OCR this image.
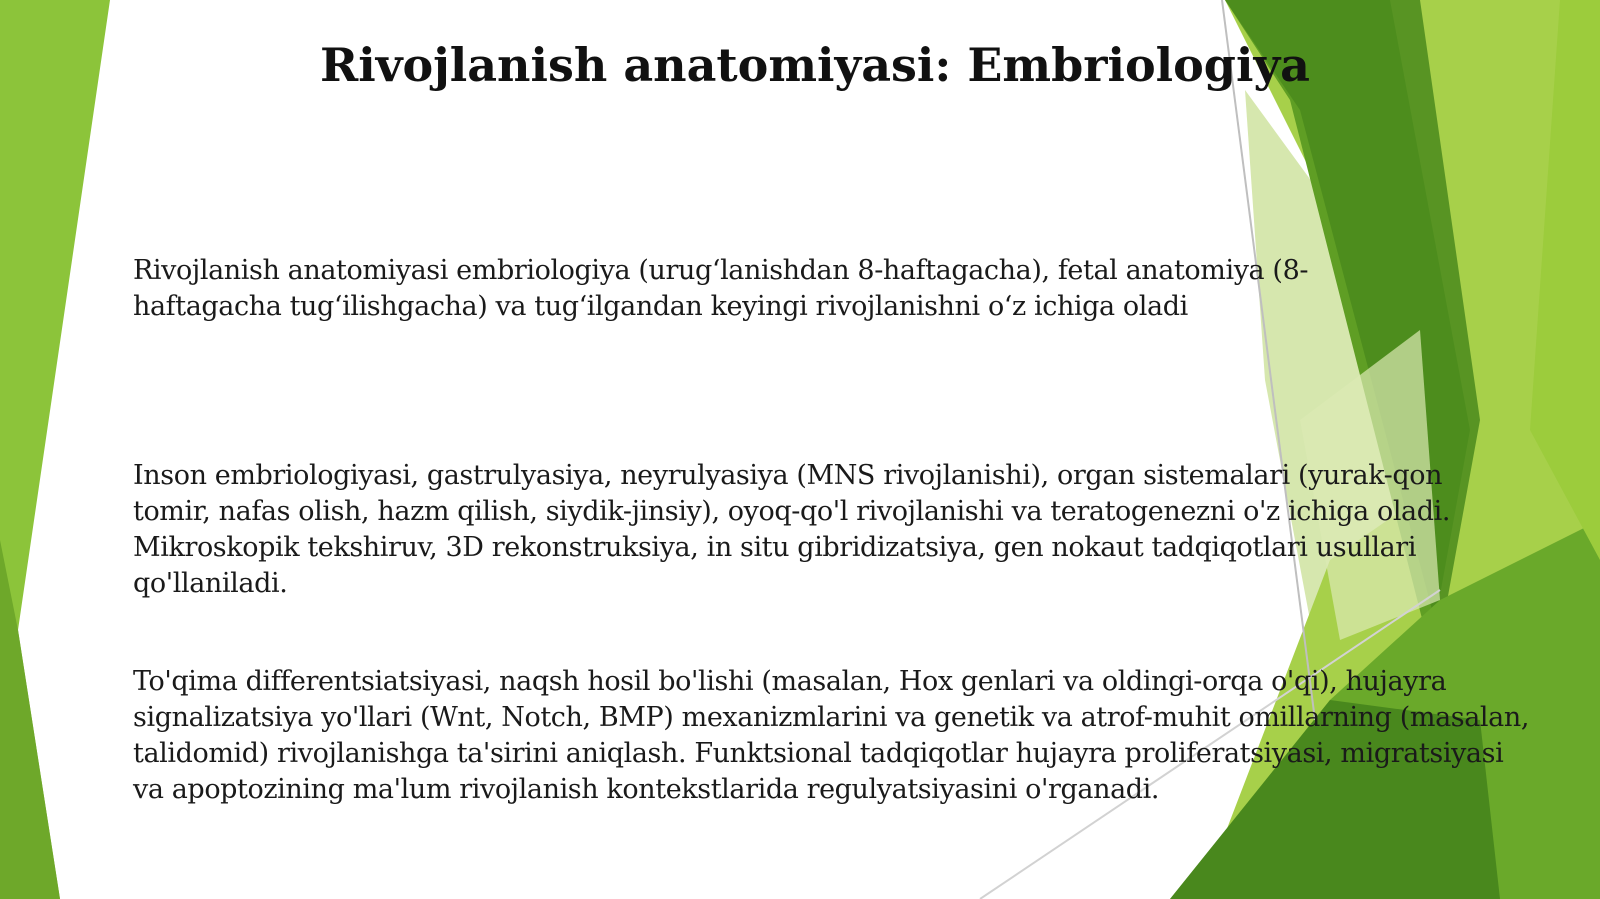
Rivojlanish anatomiyasi: Embriologiya

Rivojlanish anatomiyasi embriologiya (urug‘lanishdan 8-haftagacha), fetal anatomiya (8-haftagacha tug‘ilishgacha) va tug‘ilgandan keyingi rivojlanishni o‘z ichiga oladi

Inson embriologiyasi, gastrulyasiya, neyrulyasiya (MNS rivojlanishi), organ sistemalari (yurak-qon tomir, nafas olish, hazm qilish, siydik-jinsiy), oyoq-qo'l rivojlanishi va teratogenezni o'z ichiga oladi. Mikroskopik tekshiruv, 3D rekonstruksiya, in situ gibridizatsiya, gen nokaut tadqiqotlari usullari qo'llaniladi.

To'qima differentsiatsiyasi, naqsh hosil bo'lishi (masalan, Hox genlari va oldingi-orqa o'qi), hujayra signalizatsiya yo'llari (Wnt, Notch, BMP) mexanizmlarini va genetik va atrof-muhit omillarning (masalan, talidomid) rivojlanishga ta'sirini aniqlash. Funktsional tadqiqotlar hujayra proliferatsiyasi, migratsiyasi va apoptozining ma'lum rivojlanish kontekstlarida regulyatsiyasini o'rganadi.
